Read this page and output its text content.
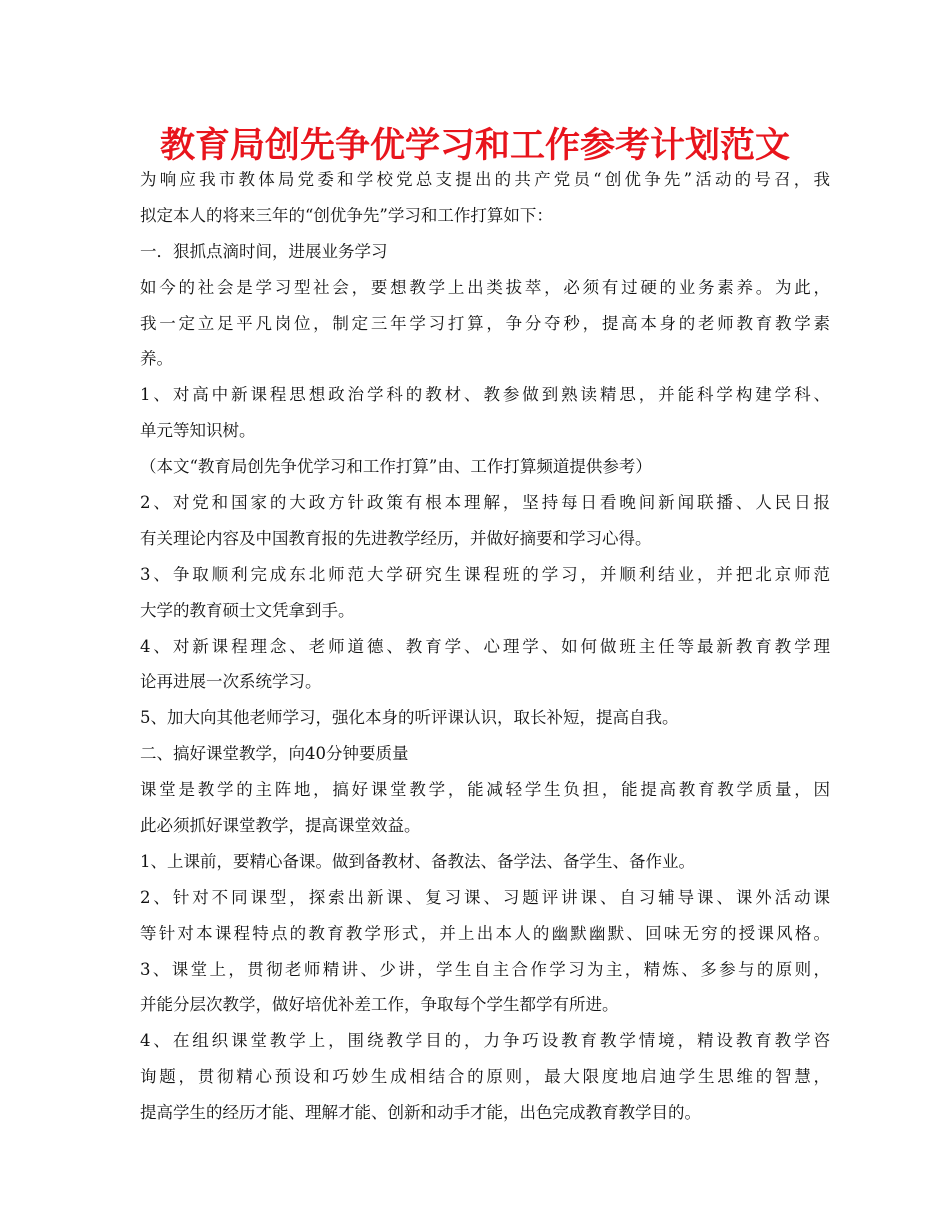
教育局创先争优学习和工作参考计划范文
为响应我市教体局党委和学校党总支提出的共产党员“创优争先”活动的号召，我
拟定本人的将来三年的“创优争先”学习和工作打算如下：
一．狠抓点滴时间，进展业务学习
如今的社会是学习型社会，要想教学上出类拔萃，必须有过硬的业务素养。为此，
我一定立足平凡岗位，制定三年学习打算，争分夺秒，提高本身的老师教育教学素
养。
1、对高中新课程思想政治学科的教材、教参做到熟读精思，并能科学构建学科、
单元等知识树。
（本文“教育局创先争优学习和工作打算”由、工作打算频道提供参考）
2、对党和国家的大政方针政策有根本理解，坚持每日看晚间新闻联播、人民日报
有关理论内容及中国教育报的先进教学经历，并做好摘要和学习心得。
3、争取顺利完成东北师范大学研究生课程班的学习，并顺利结业，并把北京师范
大学的教育硕士文凭拿到手。
4、对新课程理念、老师道德、教育学、心理学、如何做班主任等最新教育教学理
论再进展一次系统学习。
5、加大向其他老师学习，强化本身的听评课认识，取长补短，提高自我。
二、搞好课堂教学，向40分钟要质量
课堂是教学的主阵地，搞好课堂教学，能减轻学生负担，能提高教育教学质量，因
此必须抓好课堂教学，提高课堂效益。
1、上课前，要精心备课。做到备教材、备教法、备学法、备学生、备作业。
2、针对不同课型，探索出新课、复习课、习题评讲课、自习辅导课、课外活动课
等针对本课程特点的教育教学形式，并上出本人的幽默幽默、回味无穷的授课风格。
3、课堂上，贯彻老师精讲、少讲，学生自主合作学习为主，精炼、多参与的原则，
并能分层次教学，做好培优补差工作，争取每个学生都学有所进。
4、在组织课堂教学上，围绕教学目的，力争巧设教育教学情境，精设教育教学咨
询题，贯彻精心预设和巧妙生成相结合的原则，最大限度地启迪学生思维的智慧，
提高学生的经历才能、理解才能、创新和动手才能，出色完成教育教学目的。
